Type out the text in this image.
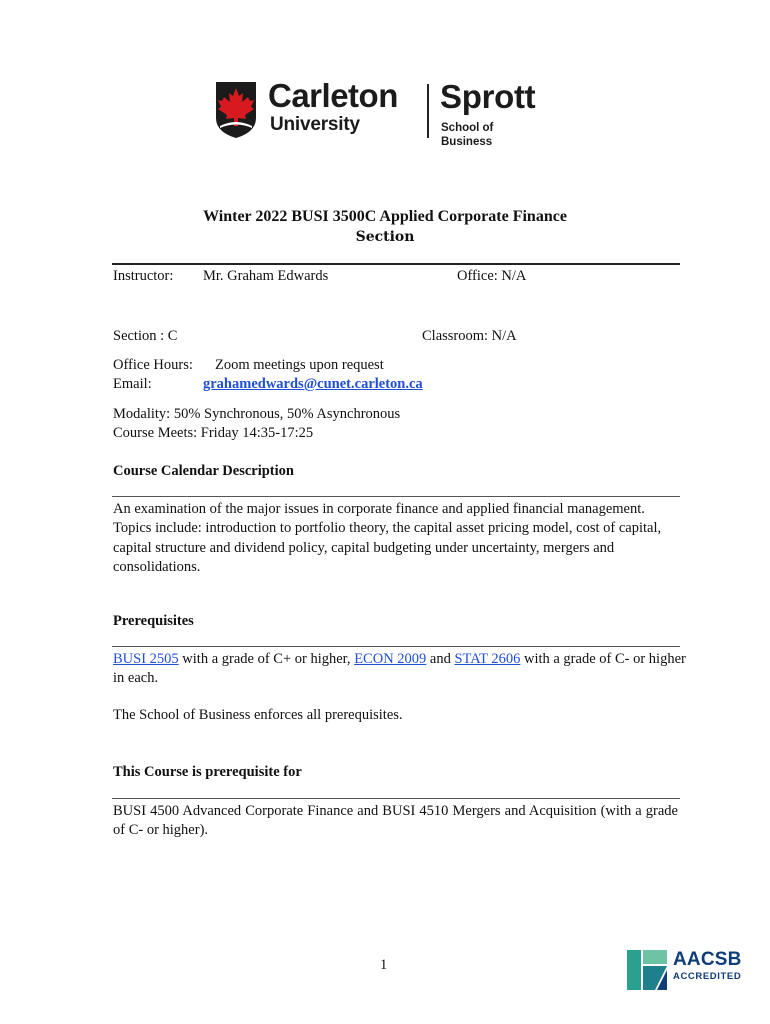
Carleton
University
Sprott
School of Business
Winter 2022 BUSI 3500C Applied Corporate Finance
Section
Instructor: Mr. Graham Edwards	Office: N/A
Section : C	Classroom: N/A
Office Hours: Zoom meetings upon request
Email:	grahamedwards@cunet.carleton.ca
Modality: 50% Synchronous, 50% Asynchronous
Course Meets: Friday 14:35-17:25
Course Calendar Description
An examination of the major issues in corporate finance and applied financial management.
Topics include: introduction to portfolio theory, the capital asset pricing model, cost of capital,
capital structure and dividend policy, capital budgeting under uncertainty, mergers and
consolidations.
Prerequisites
BUSI 2505 with a grade of C+ or higher, ECON 2009 and STAT 2606 with a grade of C- or higher
in each.
The School of Business enforces all prerequisites.
This Course is prerequisite for
BUSI 4500 Advanced Corporate Finance and BUSI 4510 Mergers and Acquisition (with a grade of C- or higher).
1	AACSB
ACCREDITED
